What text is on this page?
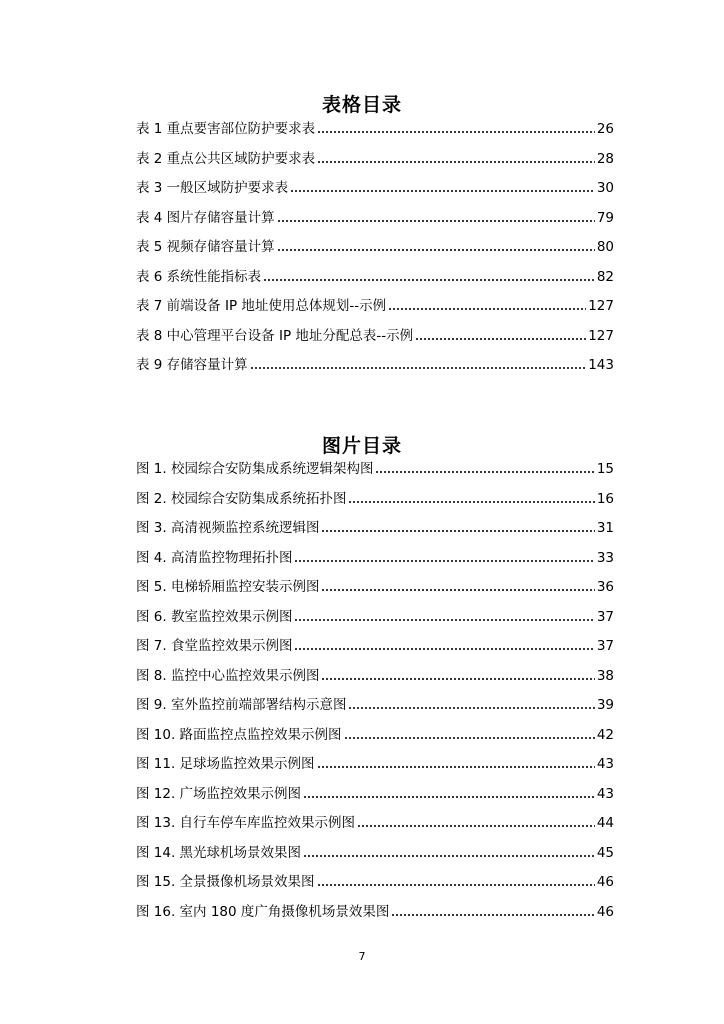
表格目录
表 1 重点要害部位防护要求表	26
表 2 重点公共区域防护要求表	28
表 3 一般区域防护要求表	30
表 4 图片存储容量计算	79
表 5 视频存储容量计算	80
表 6 系统性能指标表	82
表 7 前端设备 IP 地址使用总体规划--示例	127
表 8 中心管理平台设备 IP 地址分配总表--示例	127
表 9 存储容量计算	143
图片目录
图 1. 校园综合安防集成系统逻辑架构图	15
图 2. 校园综合安防集成系统拓扑图	16
图 3. 高清视频监控系统逻辑图	31
图 4. 高清监控物理拓扑图	33
图 5. 电梯轿厢监控安装示例图	36
图 6. 教室监控效果示例图	37
图 7. 食堂监控效果示例图	37
图 8. 监控中心监控效果示例图	38
图 9. 室外监控前端部署结构示意图	39
图 10. 路面监控点监控效果示例图	42
图 11. 足球场监控效果示例图	43
图 12. 广场监控效果示例图	43
图 13. 自行车停车库监控效果示例图	44
图 14. 黑光球机场景效果图	45
图 15. 全景摄像机场景效果图	46
图 16. 室内 180 度广角摄像机场景效果图	46
7
